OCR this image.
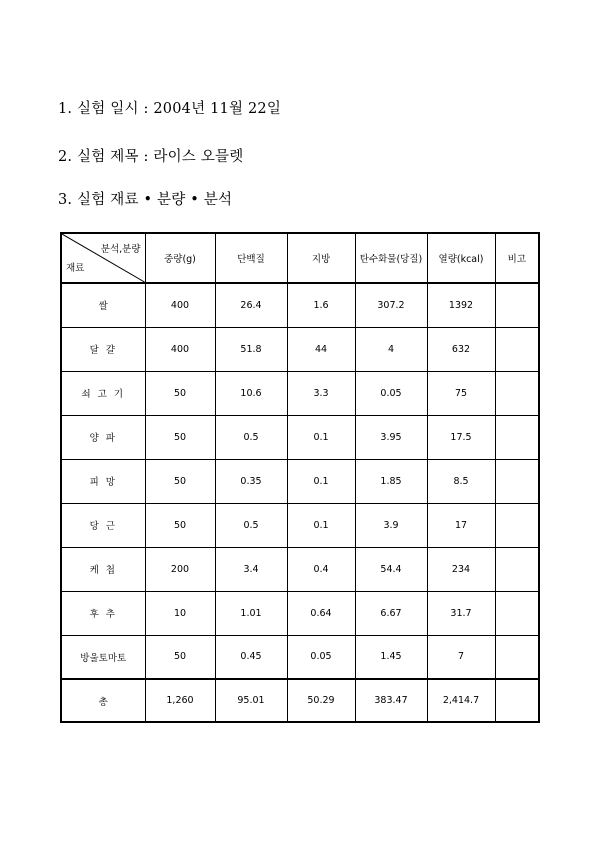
1. 실험 일시 : 2004년 11월 22일
2. 실험 제목 : 라이스 오믈렛
3. 실험 재료 • 분량 • 분석
분석,분량
재료	중량(g)	단백질	지방	탄수화물(당질)	열량(kcal)	비고
쌀	400	26.4	1.6	307.2	1392	
달 걀	400	51.8	44	4	632	
쇠 고 기	50	10.6	3.3	0.05	75	
양 파	50	0.5	0.1	3.95	17.5	
피 망	50	0.35	0.1	1.85	8.5	
당 근	50	0.5	0.1	3.9	17	
케 첩	200	3.4	0.4	54.4	234	
후 추	10	1.01	0.64	6.67	31.7	
방울토마토	50	0.45	0.05	1.45	7	
총	1,260	95.01	50.29	383.47	2,414.7	
